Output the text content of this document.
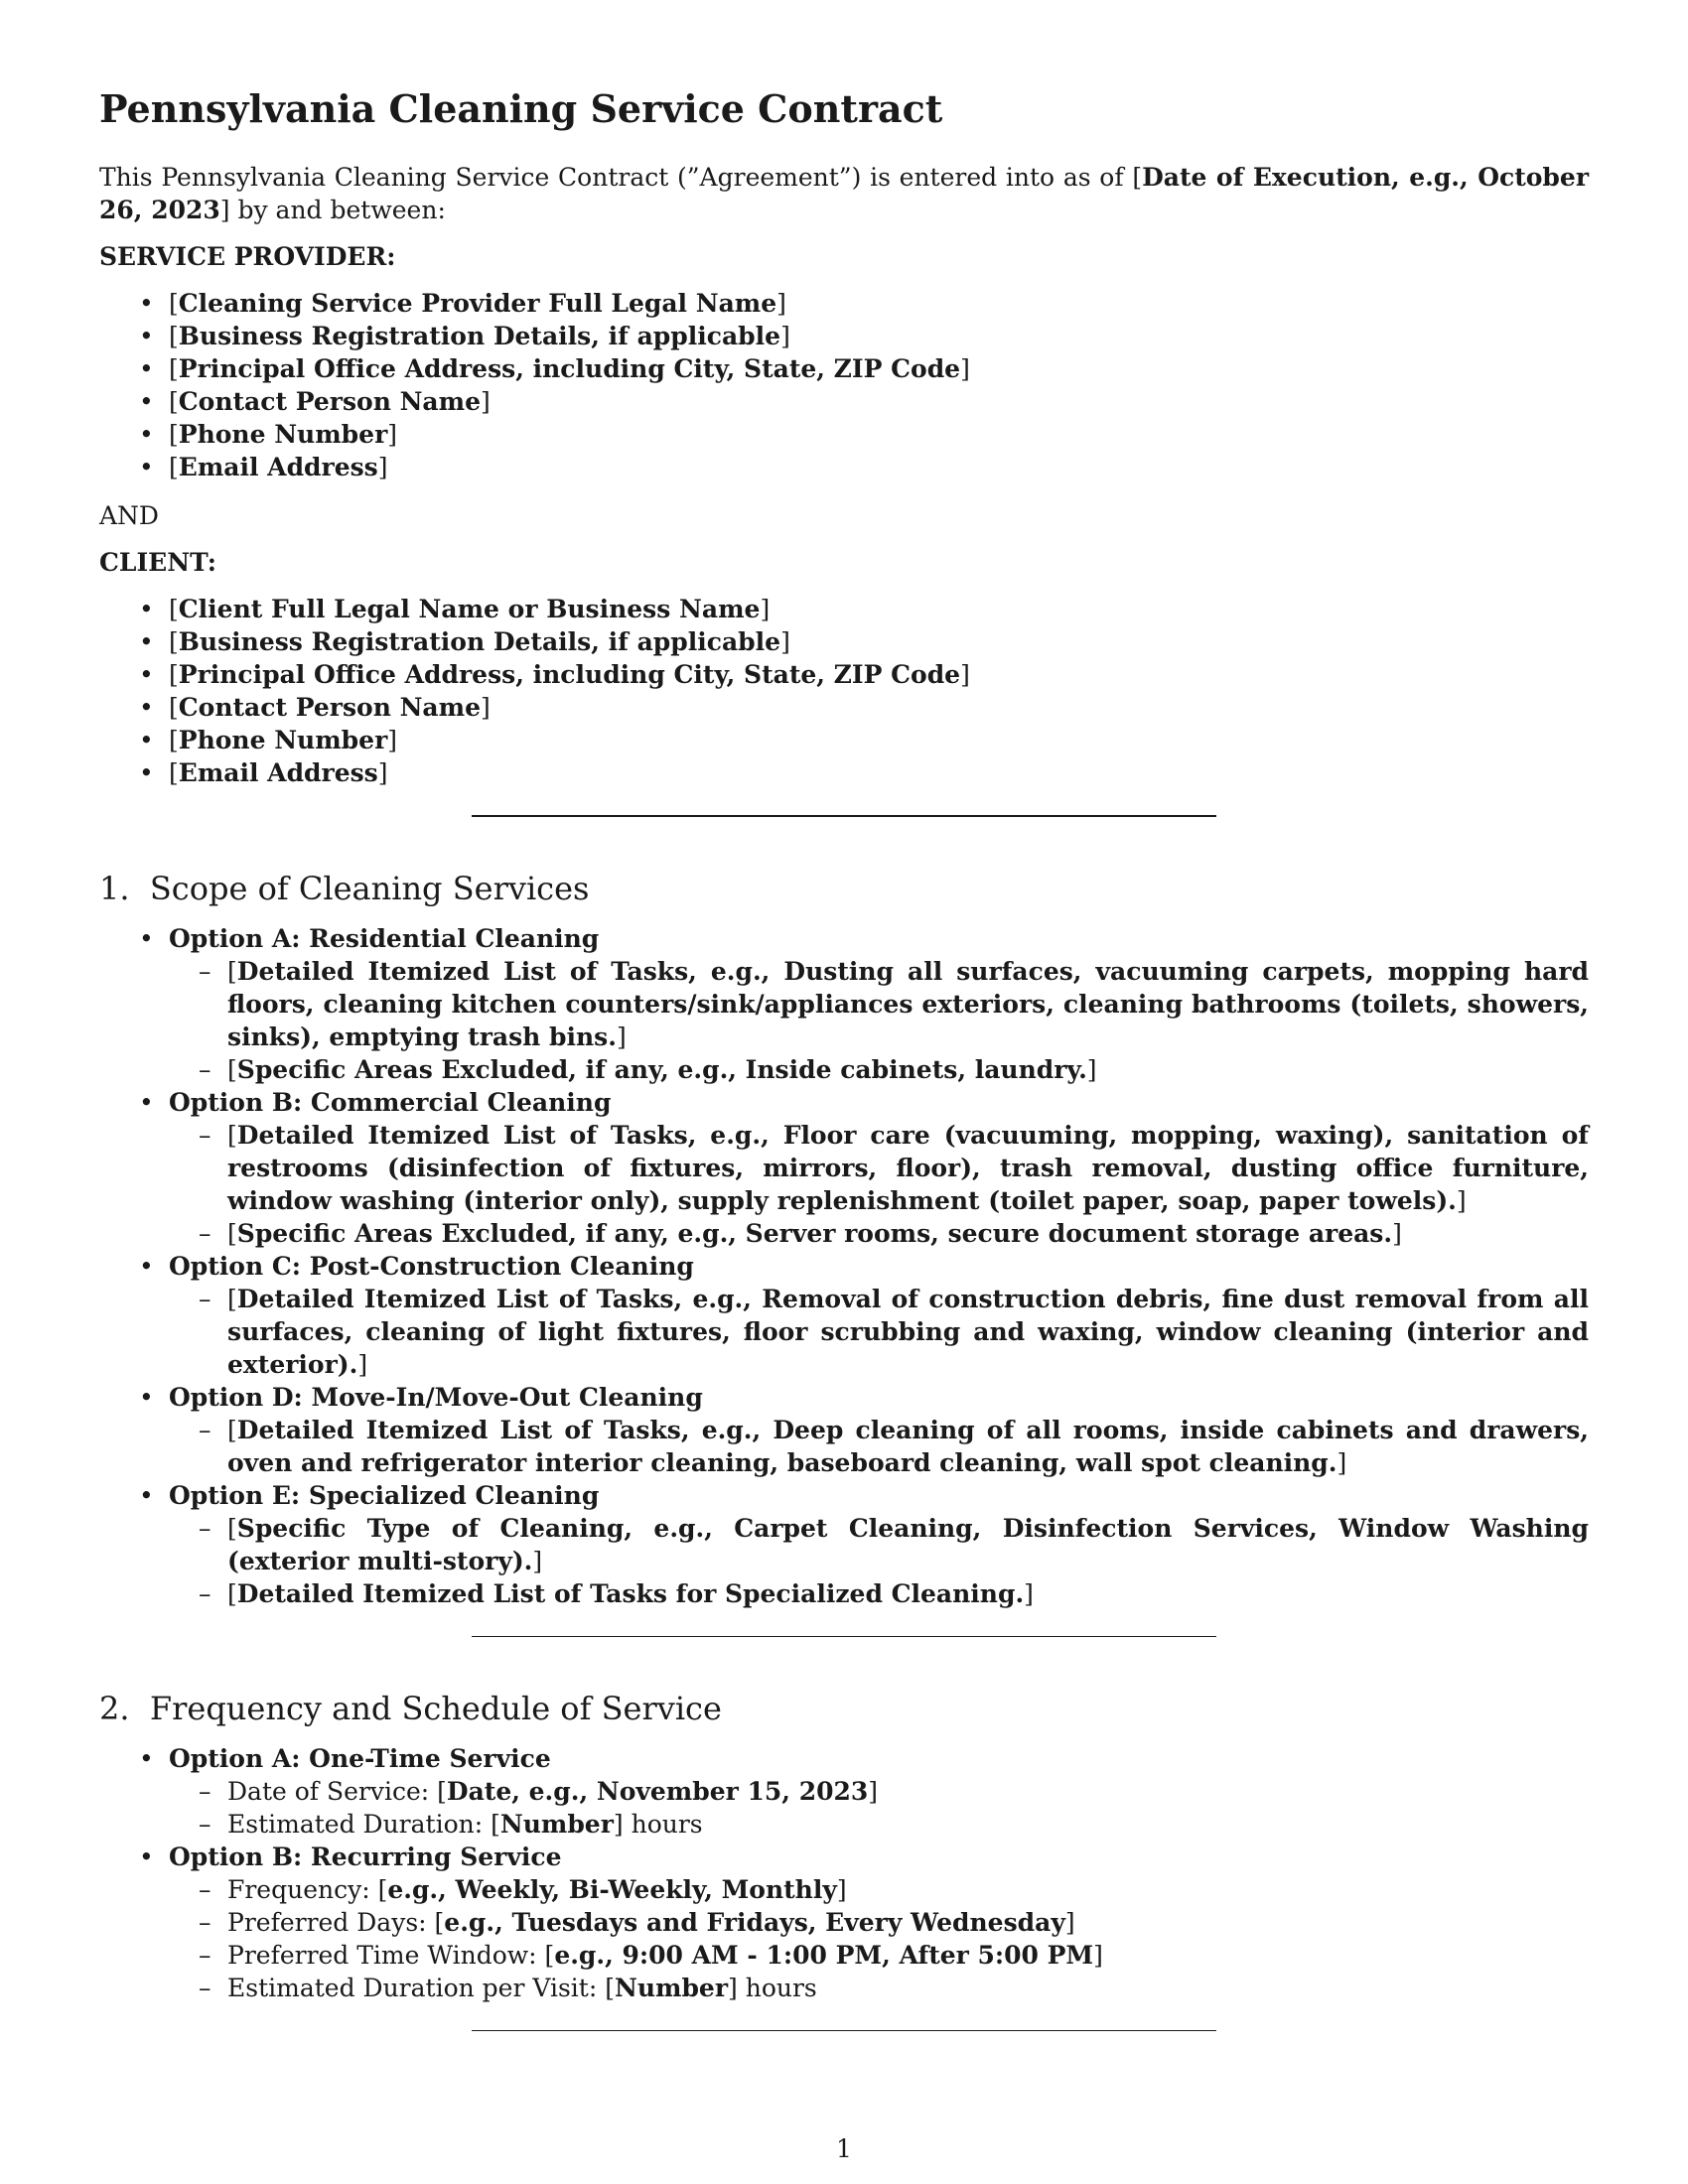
Pennsylvania Cleaning Service Contract

This Pennsylvania Cleaning Service Contract (”Agreement”) is entered into as of [Date of Execution, e.g., October 26, 2023] by and between:

SERVICE PROVIDER:

• [Cleaning Service Provider Full Legal Name]
• [Business Registration Details, if applicable]
• [Principal Office Address, including City, State, ZIP Code]
• [Contact Person Name]
• [Phone Number]
• [Email Address]

AND

CLIENT:

• [Client Full Legal Name or Business Name]
• [Business Registration Details, if applicable]
• [Principal Office Address, including City, State, ZIP Code]
• [Contact Person Name]
• [Phone Number]
• [Email Address]
1. Scope of Cleaning Services
• Option A: Residential Cleaning
– [Detailed Itemized List of Tasks, e.g., Dusting all surfaces, vacuuming carpets, mopping hard floors, cleaning kitchen counters/sink/appliances exteriors, cleaning bathrooms (toilets, showers, sinks), emptying trash bins.]
– [Specific Areas Excluded, if any, e.g., Inside cabinets, laundry.]
• Option B: Commercial Cleaning
– [Detailed Itemized List of Tasks, e.g., Floor care (vacuuming, mopping, waxing), sanitation of restrooms (disinfection of fixtures, mirrors, floor), trash removal, dusting office furniture, window washing (interior only), supply replenishment (toilet paper, soap, paper towels).]
– [Specific Areas Excluded, if any, e.g., Server rooms, secure document storage areas.]
• Option C: Post-Construction Cleaning
– [Detailed Itemized List of Tasks, e.g., Removal of construction debris, fine dust removal from all surfaces, cleaning of light fixtures, floor scrubbing and waxing, window cleaning (interior and exterior).]
• Option D: Move-In/Move-Out Cleaning
– [Detailed Itemized List of Tasks, e.g., Deep cleaning of all rooms, inside cabinets and drawers, oven and refrigerator interior cleaning, baseboard cleaning, wall spot cleaning.]
• Option E: Specialized Cleaning
– [Specific Type of Cleaning, e.g., Carpet Cleaning, Disinfection Services, Window Washing (exterior multi-story).]
– [Detailed Itemized List of Tasks for Specialized Cleaning.]
2. Frequency and Schedule of Service
• Option A: One-Time Service
– Date of Service: [Date, e.g., November 15, 2023]
– Estimated Duration: [Number] hours
• Option B: Recurring Service
– Frequency: [e.g., Weekly, Bi-Weekly, Monthly]
– Preferred Days: [e.g., Tuesdays and Fridays, Every Wednesday]
– Preferred Time Window: [e.g., 9:00 AM - 1:00 PM, After 5:00 PM]
– Estimated Duration per Visit: [Number] hours
1
